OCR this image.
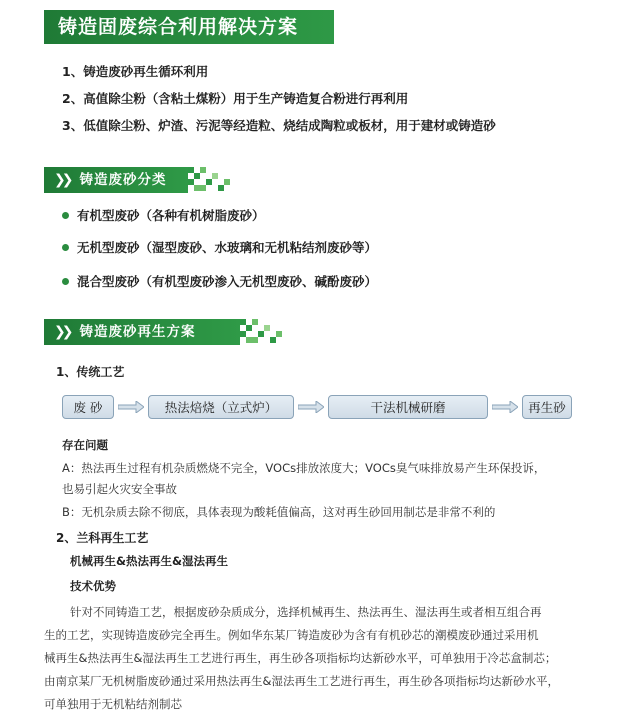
铸造固废综合利用解决方案
1、铸造废砂再生循环利用
2、高值除尘粉（含粘土煤粉）用于生产铸造复合粉进行再利用
3、低值除尘粉、炉渣、污泥等经造粒、烧结成陶粒或板材，用于建材或铸造砂
❯❯ 铸造废砂分类
有机型废砂（各种有机树脂废砂）
无机型废砂（湿型废砂、水玻璃和无机粘结剂废砂等）
混合型废砂（有机型废砂渗入无机型废砂、碱酚废砂）
❯❯ 铸造废砂再生方案
1、传统工艺
废 砂	热法焙烧（立式炉）	干法机械研磨	再生砂
存在问题
A：热法再生过程有机杂质燃烧不完全，VOCs排放浓度大；VOCs臭气味排放易产生环保投诉，
也易引起火灾安全事故
B：无机杂质去除不彻底，具体表现为酸耗值偏高，这对再生砂回用制芯是非常不利的
2、兰科再生工艺
机械再生&热法再生&湿法再生
技术优势
针对不同铸造工艺，根据废砂杂质成分，选择机械再生、热法再生、湿法再生或者相互组合再
生的工艺，实现铸造废砂完全再生。例如华东某厂铸造废砂为含有有机砂芯的潮模废砂通过采用机
械再生&热法再生&湿法再生工艺进行再生，再生砂各项指标均达新砂水平，可单独用于冷芯盒制芯；
由南京某厂无机树脂废砂通过采用热法再生&湿法再生工艺进行再生，再生砂各项指标均达新砂水平，
可单独用于无机粘结剂制芯
